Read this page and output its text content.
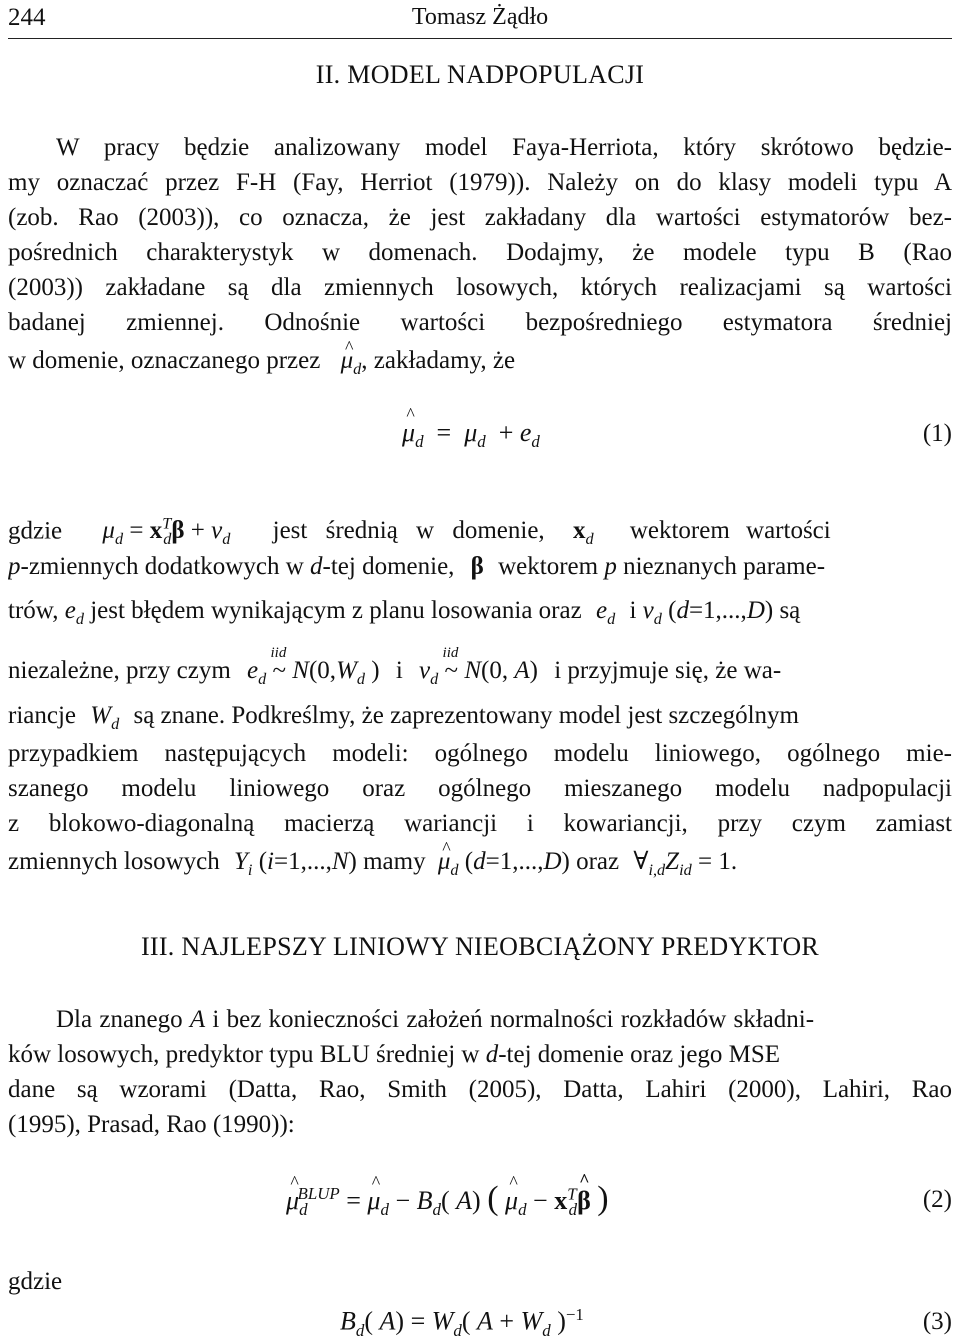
244	Tomasz Żądło
II. MODEL NADPOPULACJI
W pracy będzie analizowany model Faya-Herriota, który skrótowo będzie-
my oznaczać przez F-H (Fay, Herriot (1979)). Należy on do klasy modeli typu A
(zob. Rao (2003)), co oznacza, że jest zakładany dla wartości estymatorów bez-
pośrednich charakterystyk w domenach. Dodajmy, że modele typu B (Rao
(2003)) zakładane są dla zmiennych losowych, których realizacjami są wartości
badanej zmiennej. Odnośnie wartości bezpośredniego estymatora średniej
w domenie, oznaczanego przez ^ $\mu_d$, zakładamy, że
^ $\mu_d = \mu_d + e_d$	(1)
gdzie $\mu_d = x^T_d\beta + v_d$ jest średnią w domenie, $x_d$ wektorem wartości
p-zmiennych dodatkowych w d-tej domenie, β wektorem p nieznanych parame-
trów, $e_d$ jest błędem wynikającym z planu losowania oraz $e_d$ i $v_d$ (d=1,...,D) są
niezależne, przy czym $e_d$
iid
~ $N(0,W_d$ ) i $v_d$
iid
~ N(0, A) i przyjmuje się, że wa-
riancje $W_d$ są znane. Podkreślmy, że zaprezentowany model jest szczególnym
przypadkiem następujących modeli: ogólnego modelu liniowego, ogólnego mie-
szanego modelu liniowego oraz ogólnego mieszanego modelu nadpopulacji
z blokowo-diagonalną macierzą wariancji i kowariancji, przy czym zamiast
zmiennych losowych $Y_i$ (i=1,...,N) mamy ^ $\mu_d$ (d=1,...,D) oraz $\forall_{i,d}Z_{id} = 1$.
III. NAJLEPSZY LINIOWY NIEOBCIĄŻONY PREDYKTOR
Dla znanego A i bez konieczności założeń normalności rozkładów składni-
ków losowych, predyktor typu BLU średniej w d-tej domenie oraz jego MSE
dane są wzorami (Datta, Rao, Smith (2005), Datta, Lahiri (2000), Lahiri, Rao
(1995), Prasad, Rao (1990)):
^ $\mu_d^{BLUP}$ = ^ $\mu_d - B_d$( A) ( ^ $\mu_d$ − $x^T_d\^{}$ β )	(2)
gdzie
$B_d$( $A) = W_d$( $A + W_d$ )$^{-1}$	(3)
